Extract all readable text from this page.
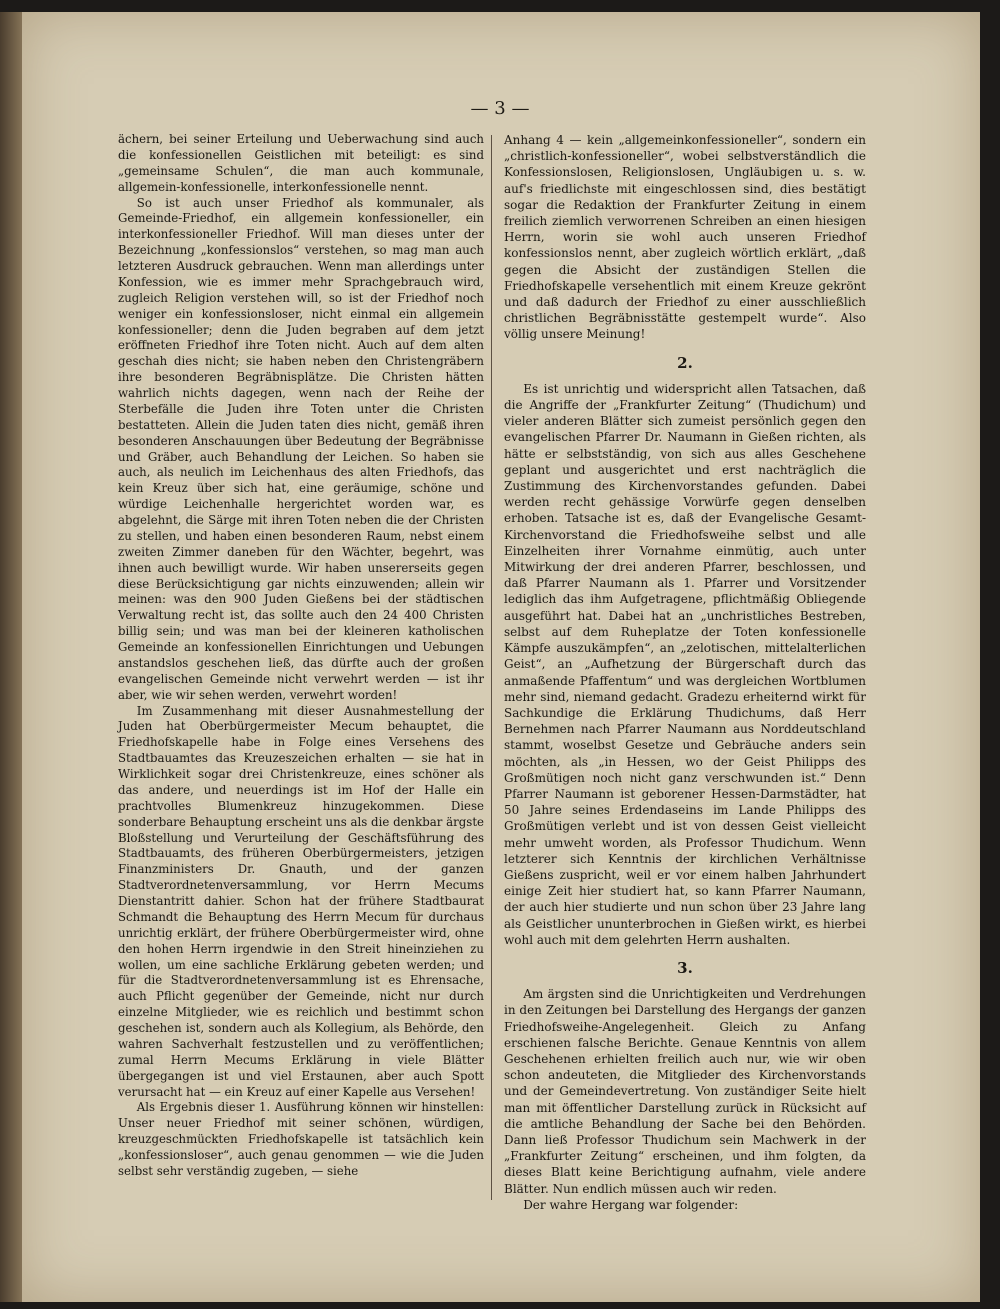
— 3 —

ächern, bei seiner Erteilung und Ueberwachung sind auch die konfessionellen Geistlichen mit beteiligt: es sind „gemeinsame Schulen“, die man auch kommunale, allgemein-konfessionelle, interkonfessionelle nennt.

So ist auch unser Friedhof als kommunaler, als Gemeinde-Friedhof, ein allgemein konfessioneller, ein interkonfessioneller Friedhof. Will man dieses unter der Bezeichnung „konfessionslos“ verstehen, so mag man auch letzteren Ausdruck gebrauchen. Wenn man allerdings unter Konfession, wie es immer mehr Sprachgebrauch wird, zugleich Religion verstehen will, so ist der Friedhof noch weniger ein konfessionsloser, nicht einmal ein allgemein konfessioneller; denn die Juden begraben auf dem jetzt eröffneten Friedhof ihre Toten nicht. Auch auf dem alten geschah dies nicht; sie haben neben den Christengräbern ihre besonderen Begräbnisplätze. Die Christen hätten wahrlich nichts dagegen, wenn nach der Reihe der Sterbefälle die Juden ihre Toten unter die Christen bestatteten. Allein die Juden taten dies nicht, gemäß ihren besonderen Anschauungen über Bedeutung der Begräbnisse und Gräber, auch Behandlung der Leichen. So haben sie auch, als neulich im Leichenhaus des alten Friedhofs, das kein Kreuz über sich hat, eine geräumige, schöne und würdige Leichenhalle hergerichtet worden war, es abgelehnt, die Särge mit ihren Toten neben die der Christen zu stellen, und haben einen besonderen Raum, nebst einem zweiten Zimmer daneben für den Wächter, begehrt, was ihnen auch bewilligt wurde. Wir haben unsererseits gegen diese Berücksichtigung gar nichts einzuwenden; allein wir meinen: was den 900 Juden Gießens bei der städtischen Verwaltung recht ist, das sollte auch den 24 400 Christen billig sein; und was man bei der kleineren katholischen Gemeinde an konfessionellen Einrichtungen und Uebungen anstandslos geschehen ließ, das dürfte auch der großen evangelischen Gemeinde nicht verwehrt werden — ist ihr aber, wie wir sehen werden, verwehrt worden!

Im Zusammenhang mit dieser Ausnahmestellung der Juden hat Oberbürgermeister Mecum behauptet, die Friedhofskapelle habe in Folge eines Versehens des Stadtbauamtes das Kreuzeszeichen erhalten — sie hat in Wirklichkeit sogar drei Christenkreuze, eines schöner als das andere, und neuerdings ist im Hof der Halle ein prachtvolles Blumenkreuz hinzugekommen. Diese sonderbare Behauptung erscheint uns als die denkbar ärgste Bloßstellung und Verurteilung der Geschäftsführung des Stadtbauamts, des früheren Oberbürgermeisters, jetzigen Finanzministers Dr. Gnauth, und der ganzen Stadtverordnetenversammlung, vor Herrn Mecums Dienstantritt dahier. Schon hat der frühere Stadtbaurat Schmandt die Behauptung des Herrn Mecum für durchaus unrichtig erklärt, der frühere Oberbürgermeister wird, ohne den hohen Herrn irgendwie in den Streit hineinziehen zu wollen, um eine sachliche Erklärung gebeten werden; und für die Stadtverordnetenversammlung ist es Ehrensache, auch Pflicht gegenüber der Gemeinde, nicht nur durch einzelne Mitglieder, wie es reichlich und bestimmt schon geschehen ist, sondern auch als Kollegium, als Behörde, den wahren Sachverhalt festzustellen und zu veröffentlichen; zumal Herrn Mecums Erklärung in viele Blätter übergegangen ist und viel Erstaunen, aber auch Spott verursacht hat — ein Kreuz auf einer Kapelle aus Versehen!

Als Ergebnis dieser 1. Ausführung können wir hinstellen: Unser neuer Friedhof mit seiner schönen, würdigen, kreuzgeschmückten Friedhofskapelle ist tatsächlich kein „konfessionsloser“, auch genau genommen — wie die Juden selbst sehr verständig zugeben, — siehe

Anhang 4 — kein „allgemeinkonfessioneller“, sondern ein „christlich-konfessioneller“, wobei selbstverständlich die Konfessionslosen, Religionslosen, Ungläubigen u. s. w. auf's friedlichste mit eingeschlossen sind, dies bestätigt sogar die Redaktion der Frankfurter Zeitung in einem freilich ziemlich verworrenen Schreiben an einen hiesigen Herrn, worin sie wohl auch unseren Friedhof konfessionslos nennt, aber zugleich wörtlich erklärt, „daß gegen die Absicht der zuständigen Stellen die Friedhofskapelle versehentlich mit einem Kreuze gekrönt und daß dadurch der Friedhof zu einer ausschließlich christlichen Begräbnisstätte gestempelt wurde“. Also völlig unsere Meinung!

2.

Es ist unrichtig und widerspricht allen Tatsachen, daß die Angriffe der „Frankfurter Zeitung“ (Thudichum) und vieler anderen Blätter sich zumeist persönlich gegen den evangelischen Pfarrer Dr. Naumann in Gießen richten, als hätte er selbstständig, von sich aus alles Geschehene geplant und ausgerichtet und erst nachträglich die Zustimmung des Kirchenvorstandes gefunden. Dabei werden recht gehässige Vorwürfe gegen denselben erhoben. Tatsache ist es, daß der Evangelische Gesamt-Kirchenvorstand die Friedhofsweihe selbst und alle Einzelheiten ihrer Vornahme einmütig, auch unter Mitwirkung der drei anderen Pfarrer, beschlossen, und daß Pfarrer Naumann als 1. Pfarrer und Vorsitzender lediglich das ihm Aufgetragene, pflichtmäßig Obliegende ausgeführt hat. Dabei hat an „unchristliches Bestreben, selbst auf dem Ruheplatze der Toten konfessionelle Kämpfe auszukämpfen“, an „zelotischen, mittelalterlichen Geist“, an „Aufhetzung der Bürgerschaft durch das anmaßende Pfaffentum“ und was dergleichen Wortblumen mehr sind, niemand gedacht. Gradezu erheiternd wirkt für Sachkundige die Erklärung Thudichums, daß Herr Bernehmen nach Pfarrer Naumann aus Norddeutschland stammt, woselbst Gesetze und Gebräuche anders sein möchten, als „in Hessen, wo der Geist Philipps des Großmütigen noch nicht ganz verschwunden ist.“ Denn Pfarrer Naumann ist geborener Hessen-Darmstädter, hat 50 Jahre seines Erdendaseins im Lande Philipps des Großmütigen verlebt und ist von dessen Geist vielleicht mehr umweht worden, als Professor Thudichum. Wenn letzterer sich Kenntnis der kirchlichen Verhältnisse Gießens zuspricht, weil er vor einem halben Jahrhundert einige Zeit hier studiert hat, so kann Pfarrer Naumann, der auch hier studierte und nun schon über 23 Jahre lang als Geistlicher ununterbrochen in Gießen wirkt, es hierbei wohl auch mit dem gelehrten Herrn aushalten.

3.

Am ärgsten sind die Unrichtigkeiten und Verdrehungen in den Zeitungen bei Darstellung des Hergangs der ganzen Friedhofsweihe-Angelegenheit. Gleich zu Anfang erschienen falsche Berichte. Genaue Kenntnis von allem Geschehenen erhielten freilich auch nur, wie wir oben schon andeuteten, die Mitglieder des Kirchenvorstands und der Gemeindevertretung. Von zuständiger Seite hielt man mit öffentlicher Darstellung zurück in Rücksicht auf die amtliche Behandlung der Sache bei den Behörden. Dann ließ Professor Thudichum sein Machwerk in der „Frankfurter Zeitung“ erscheinen, und ihm folgten, da dieses Blatt keine Berichtigung aufnahm, viele andere Blätter. Nun endlich müssen auch wir reden.

Der wahre Hergang war folgender:
